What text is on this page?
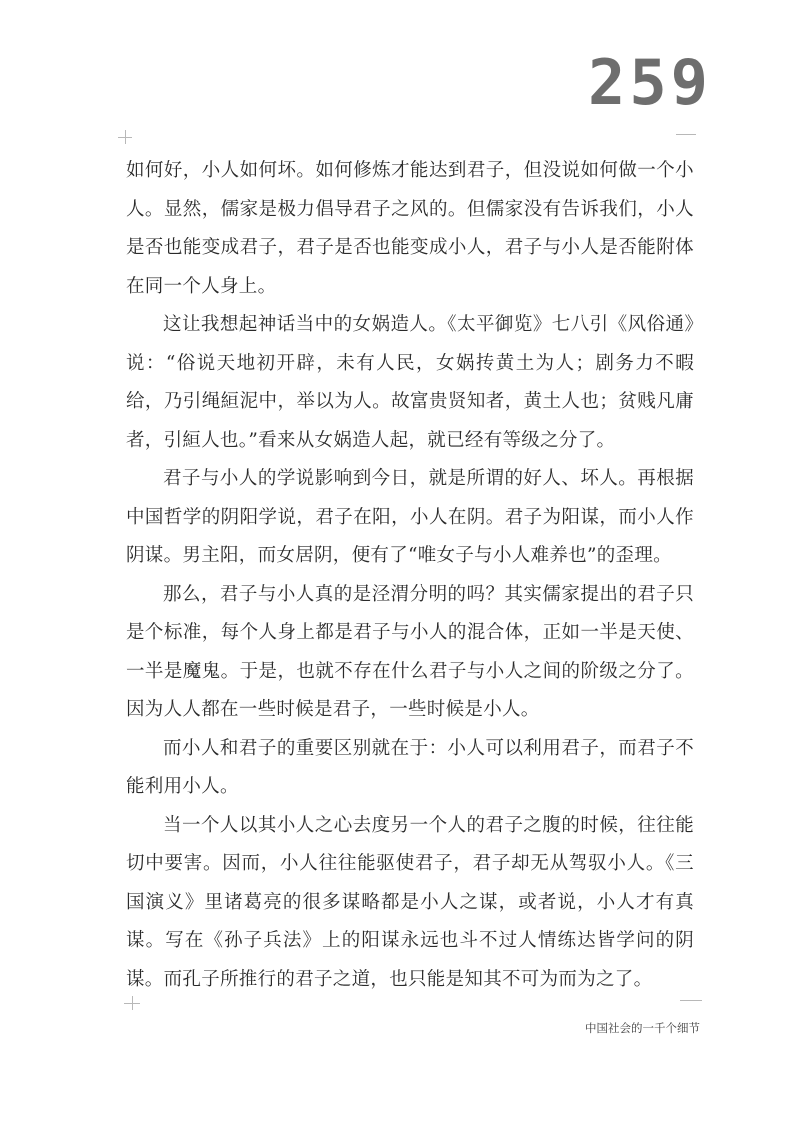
259

如何好，小人如何坏。如何修炼才能达到君子，但没说如何做一个小人。显然，儒家是极力倡导君子之风的。但儒家没有告诉我们，小人是否也能变成君子，君子是否也能变成小人，君子与小人是否能附体在同一个人身上。

这让我想起神话当中的女娲造人。《太平御览》七八引《风俗通》说：“俗说天地初开辟，未有人民，女娲抟黄土为人；剧务力不暇给，乃引绳絙泥中，举以为人。故富贵贤知者，黄土人也；贫贱凡庸者，引絙人也。”看来从女娲造人起，就已经有等级之分了。

君子与小人的学说影响到今日，就是所谓的好人、坏人。再根据中国哲学的阴阳学说，君子在阳，小人在阴。君子为阳谋，而小人作阴谋。男主阳，而女居阴，便有了“唯女子与小人难养也”的歪理。

那么，君子与小人真的是泾渭分明的吗？其实儒家提出的君子只是个标准，每个人身上都是君子与小人的混合体，正如一半是天使、一半是魔鬼。于是，也就不存在什么君子与小人之间的阶级之分了。因为人人都在一些时候是君子，一些时候是小人。

而小人和君子的重要区别就在于：小人可以利用君子，而君子不能利用小人。

当一个人以其小人之心去度另一个人的君子之腹的时候，往往能切中要害。因而，小人往往能驱使君子，君子却无从驾驭小人。《三国演义》里诸葛亮的很多谋略都是小人之谋，或者说，小人才有真谋。写在《孙子兵法》上的阳谋永远也斗不过人情练达皆学问的阴谋。而孔子所推行的君子之道，也只能是知其不可为而为之了。

中国社会的一千个细节
